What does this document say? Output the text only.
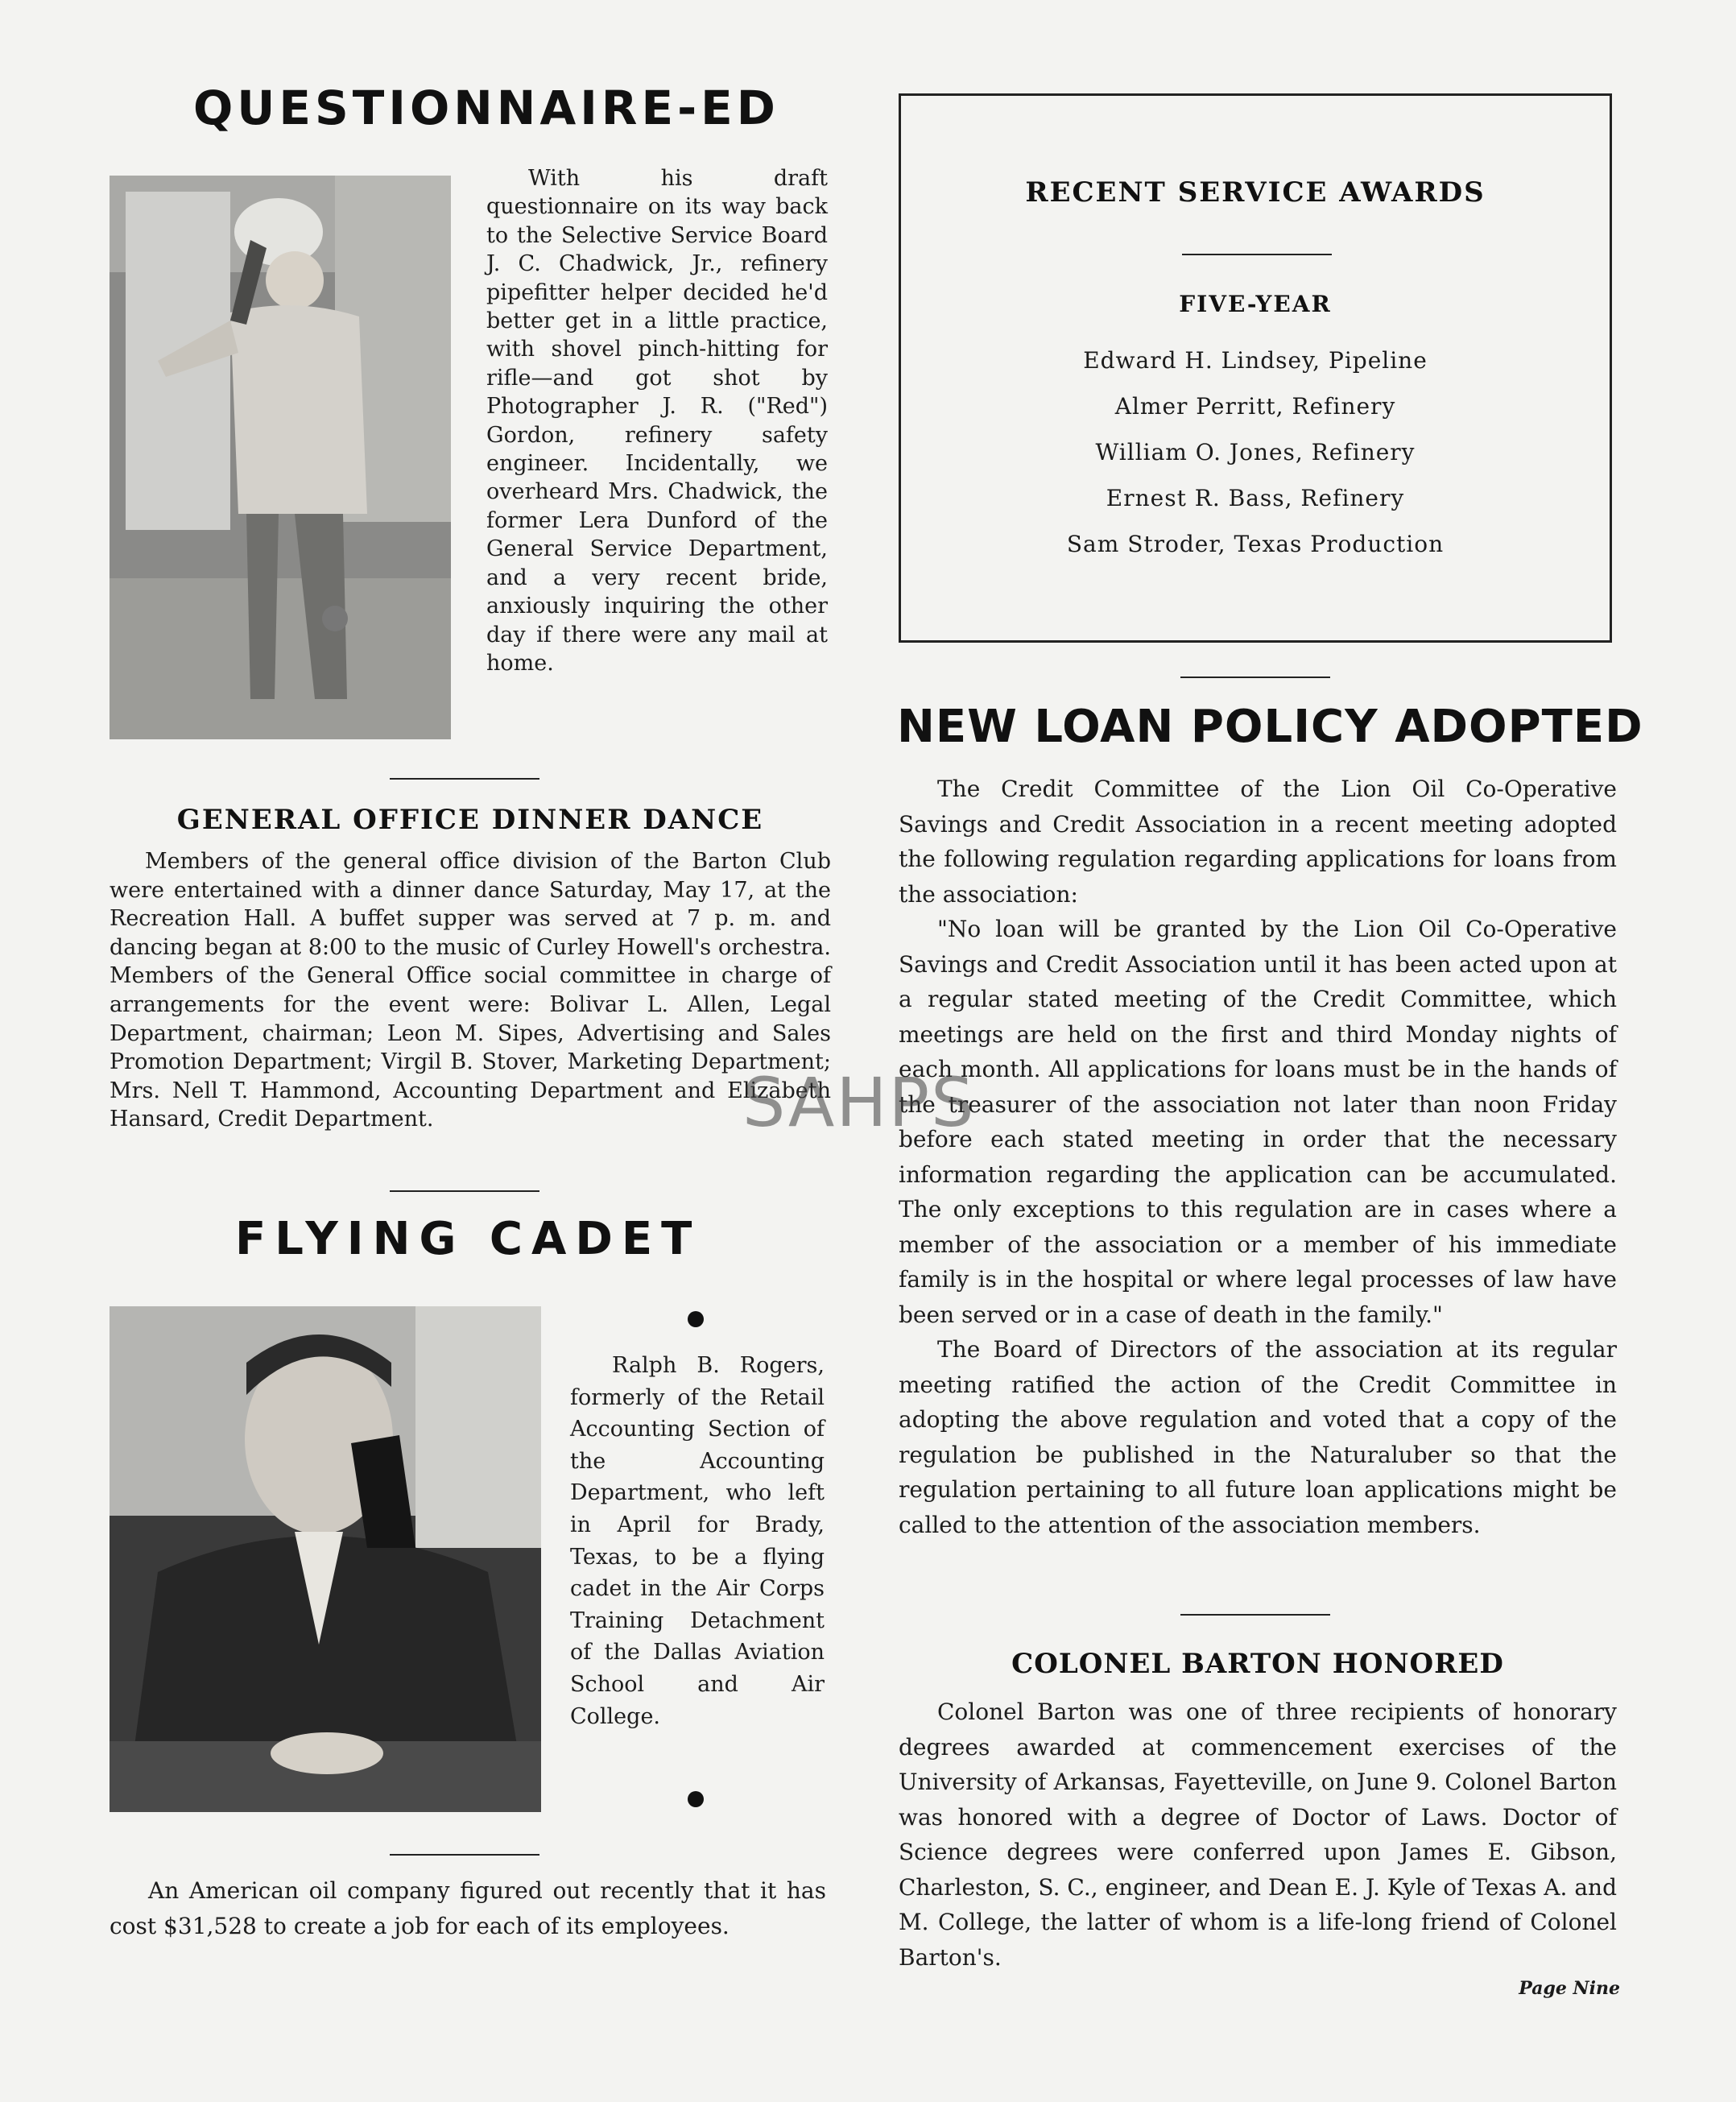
QUESTIONNAIRE-ED

With his draft questionnaire on its way back to the Selective Service Board J. C. Chadwick, Jr., refinery pipefitter helper decided he'd better get in a little practice, with shovel pinch-hitting for rifle—and got shot by Photographer J. R. ("Red") Gordon, refinery safety engineer. Incidentally, we overheard Mrs. Chadwick, the former Lera Dunford of the General Service Department, and a very recent bride, anxiously inquiring the other day if there were any mail at home.

GENERAL OFFICE DINNER DANCE

Members of the general office division of the Barton Club were entertained with a dinner dance Saturday, May 17, at the Recreation Hall. A buffet supper was served at 7 p. m. and dancing began at 8:00 to the music of Curley Howell's orchestra. Members of the General Office social committee in charge of arrangements for the event were: Bolivar L. Allen, Legal Department, chairman; Leon M. Sipes, Advertising and Sales Promotion Department; Virgil B. Stover, Marketing Department; Mrs. Nell T. Hammond, Accounting Department and Elizabeth Hansard, Credit Department.

FLYING CADET

Ralph B. Rogers, formerly of the Retail Accounting Section of the Accounting Department, who left in April for Brady, Texas, to be a flying cadet in the Air Corps Training Detachment of the Dallas Aviation School and Air College.

An American oil company figured out recently that it has cost $31,528 to create a job for each of its employees.

RECENT SERVICE AWARDS
FIVE-YEAR
Edward H. Lindsey, Pipeline
Almer Perritt, Refinery
William O. Jones, Refinery
Ernest R. Bass, Refinery
Sam Stroder, Texas Production
NEW LOAN POLICY ADOPTED

The Credit Committee of the Lion Oil Co-Operative Savings and Credit Association in a recent meeting adopted the following regulation regarding applications for loans from the association:

"No loan will be granted by the Lion Oil Co-Operative Savings and Credit Association until it has been acted upon at a regular stated meeting of the Credit Committee, which meetings are held on the first and third Monday nights of each month. All applications for loans must be in the hands of the treasurer of the association not later than noon Friday before each stated meeting in order that the necessary information regarding the application can be accumulated. The only exceptions to this regulation are in cases where a member of the association or a member of his immediate family is in the hospital or where legal processes of law have been served or in a case of death in the family."

The Board of Directors of the association at its regular meeting ratified the action of the Credit Committee in adopting the above regulation and voted that a copy of the regulation be published in the Naturaluber so that the regulation pertaining to all future loan applications might be called to the attention of the association members.

COLONEL BARTON HONORED

Colonel Barton was one of three recipients of honorary degrees awarded at commencement exercises of the University of Arkansas, Fayetteville, on June 9. Colonel Barton was honored with a degree of Doctor of Laws. Doctor of Science degrees were conferred upon James E. Gibson, Charleston, S. C., engineer, and Dean E. J. Kyle of Texas A. and M. College, the latter of whom is a life-long friend of Colonel Barton's.

Page Nine
SAHPS
